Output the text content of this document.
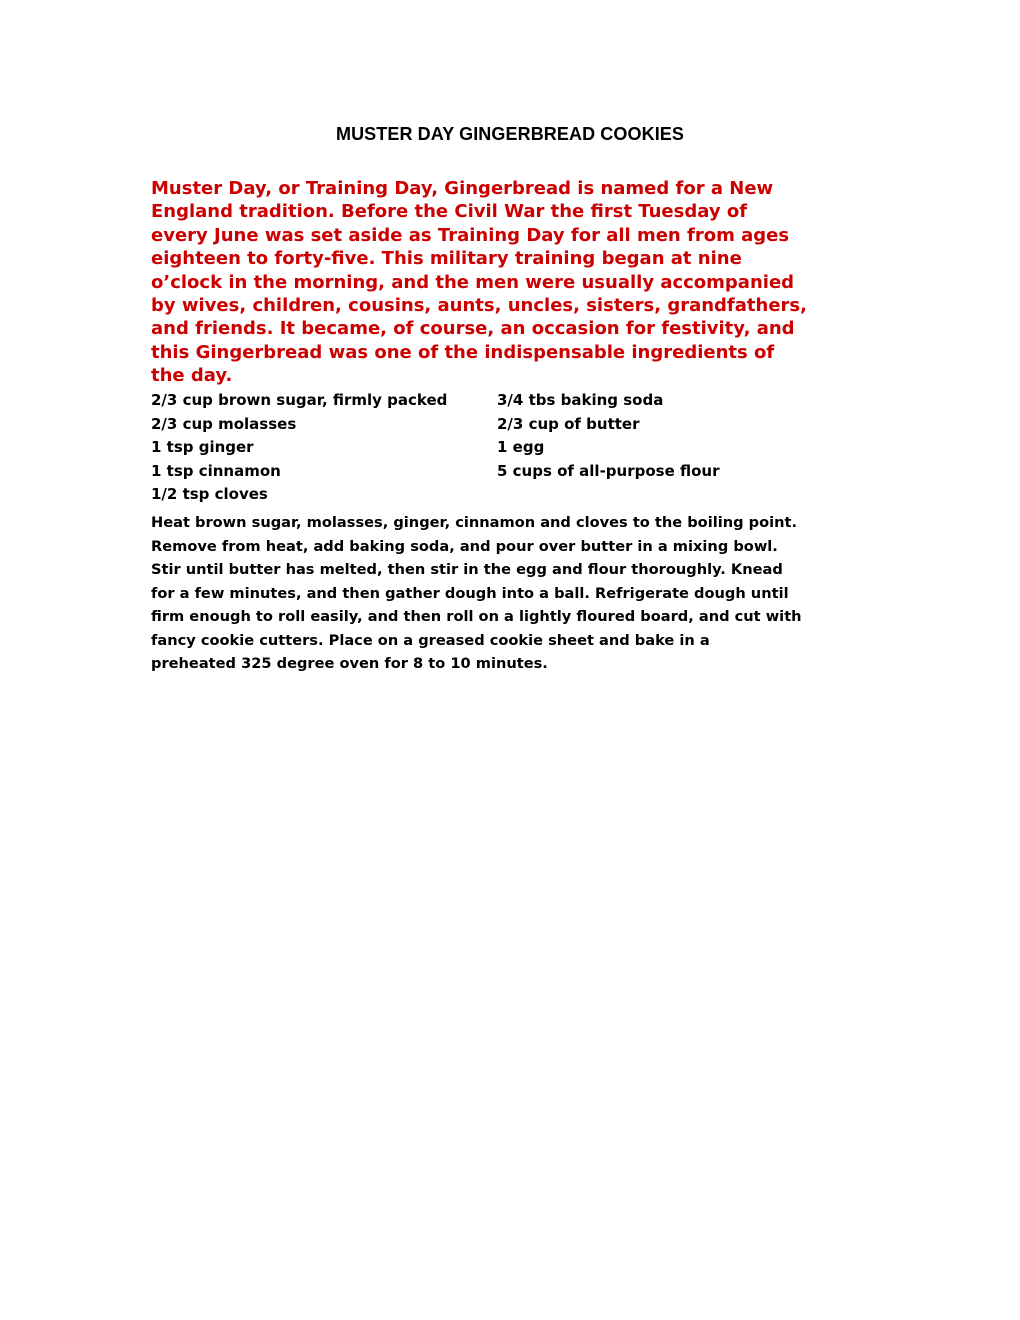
MUSTER DAY GINGERBREAD COOKIES

Muster Day, or Training Day, Gingerbread is named for a New
England tradition. Before the Civil War the first Tuesday of
every June was set aside as Training Day for all men from ages
eighteen to forty-five. This military training began at nine
o’clock in the morning, and the men were usually accompanied
by wives, children, cousins, aunts, uncles, sisters, grandfathers,
and friends. It became, of course, an occasion for festivity, and
this Gingerbread was one of the indispensable ingredients of
the day.

2/3 cup brown sugar, firmly packed	3/4 tbs baking soda
2/3 cup molasses	2/3 cup of butter
1 tsp ginger	1 egg
1 tsp cinnamon	5 cups of all-purpose flour
1/2 tsp cloves
Heat brown sugar, molasses, ginger, cinnamon and cloves to the boiling point.
Remove from heat, add baking soda, and pour over butter in a mixing bowl.
Stir until butter has melted, then stir in the egg and flour thoroughly. Knead
for a few minutes, and then gather dough into a ball. Refrigerate dough until
firm enough to roll easily, and then roll on a lightly floured board, and cut with
fancy cookie cutters. Place on a greased cookie sheet and bake in a
preheated 325 degree oven for 8 to 10 minutes.
